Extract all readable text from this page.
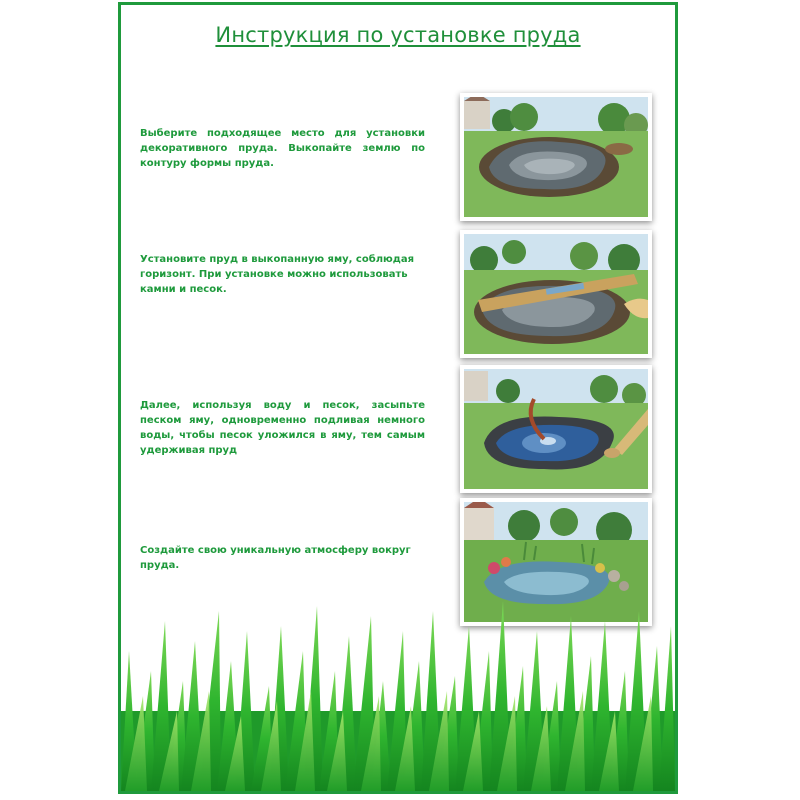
Инструкция по установке пруда

Выберите подходящее место для установки декоративного пруда. Выкопайте землю по контуру формы пруда.

Установите пруд в выкопанную яму, соблюдая горизонт. При установке можно использовать камни и песок.

Далее, используя воду и песок, засыпьте песком яму, одновременно подливая немного воды, чтобы песок уложился в яму, тем самым удерживая пруд

Создайте свою уникальную атмосферу вокруг пруда.
